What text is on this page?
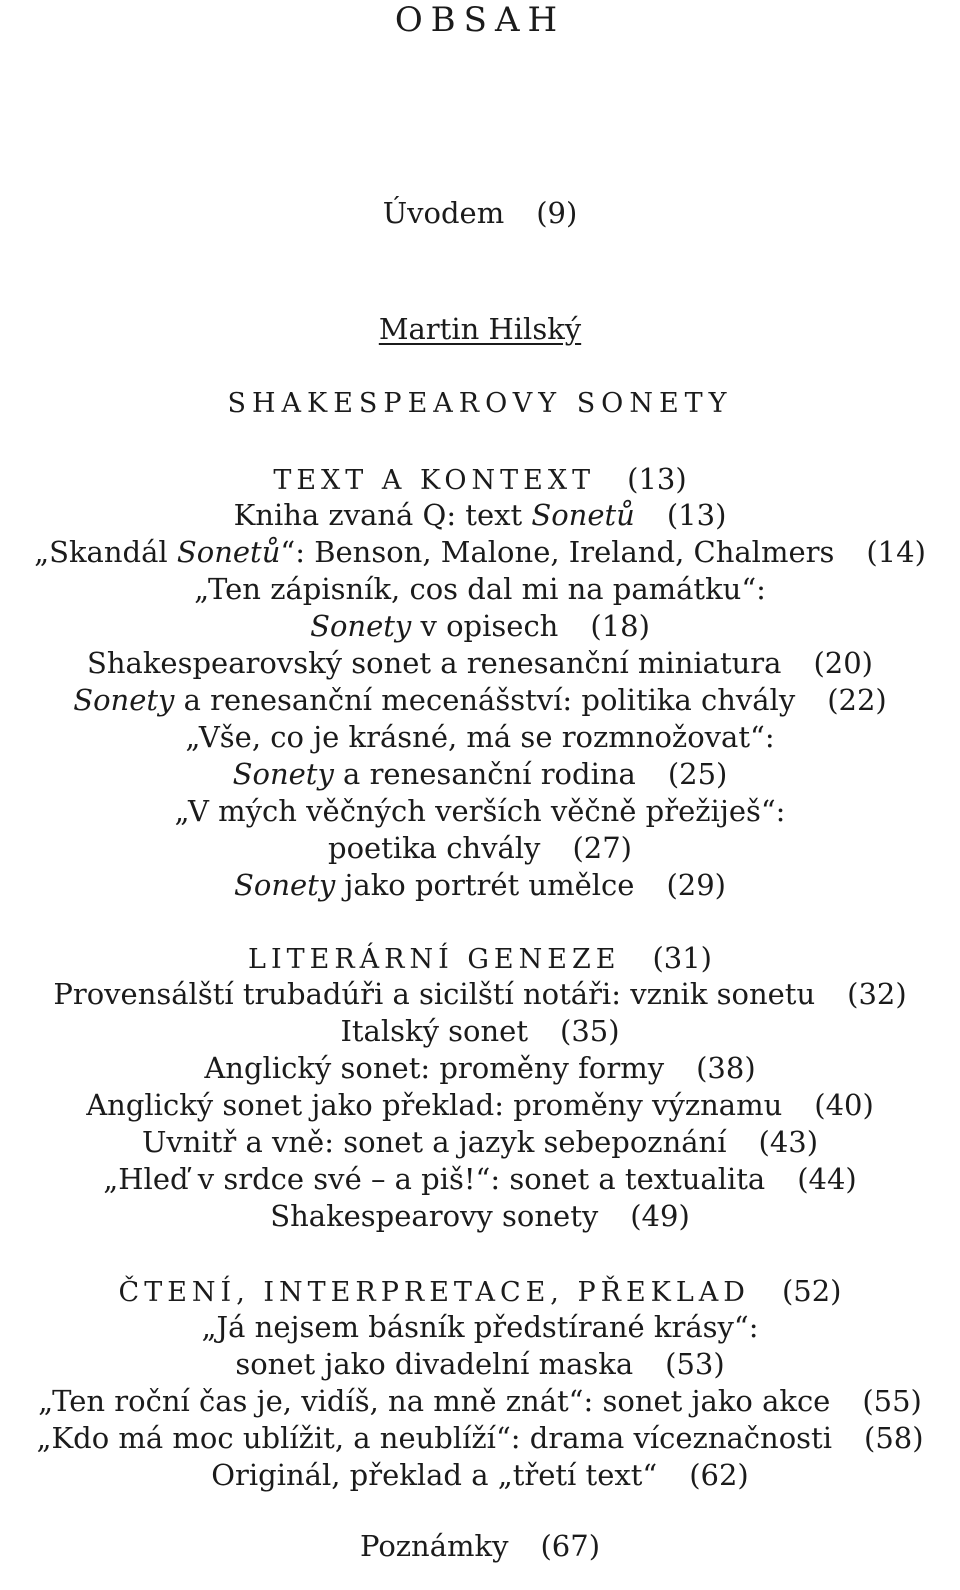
OBSAH
Úvodem (9)
Martin Hilský
SHAKESPEAROVY SONETY
TEXT A KONTEXT (13)
Kniha zvaná Q: text Sonetů (13)
„Skandál Sonetů“: Benson, Malone, Ireland, Chalmers (14)
„Ten zápisník, cos dal mi na památku“:
Sonety v opisech (18)
Shakespearovský sonet a renesanční miniatura (20)
Sonety a renesanční mecenášství: politika chvály (22)
„Vše, co je krásné, má se rozmnožovat“:
Sonety a renesanční rodina (25)
„V mých věčných verších věčně přežiješ“:
poetika chvály (27)
Sonety jako portrét umělce (29)
LITERÁRNÍ GENEZE (31)
Provensálští trubadúři a sicilští notáři: vznik sonetu (32)
Italský sonet (35)
Anglický sonet: proměny formy (38)
Anglický sonet jako překlad: proměny významu (40)
Uvnitř a vně: sonet a jazyk sebepoznání (43)
„Hleď v srdce své – a piš!“: sonet a textualita (44)
Shakespearovy sonety (49)
ČTENÍ, INTERPRETACE, PŘEKLAD (52)
„Já nejsem básník předstírané krásy“:
sonet jako divadelní maska (53)
„Ten roční čas je, vidíš, na mně znát“: sonet jako akce (55)
„Kdo má moc ublížit, a neublíží“: drama víceznačnosti (58)
Originál, překlad a „třetí text“ (62)
Poznámky (67)
